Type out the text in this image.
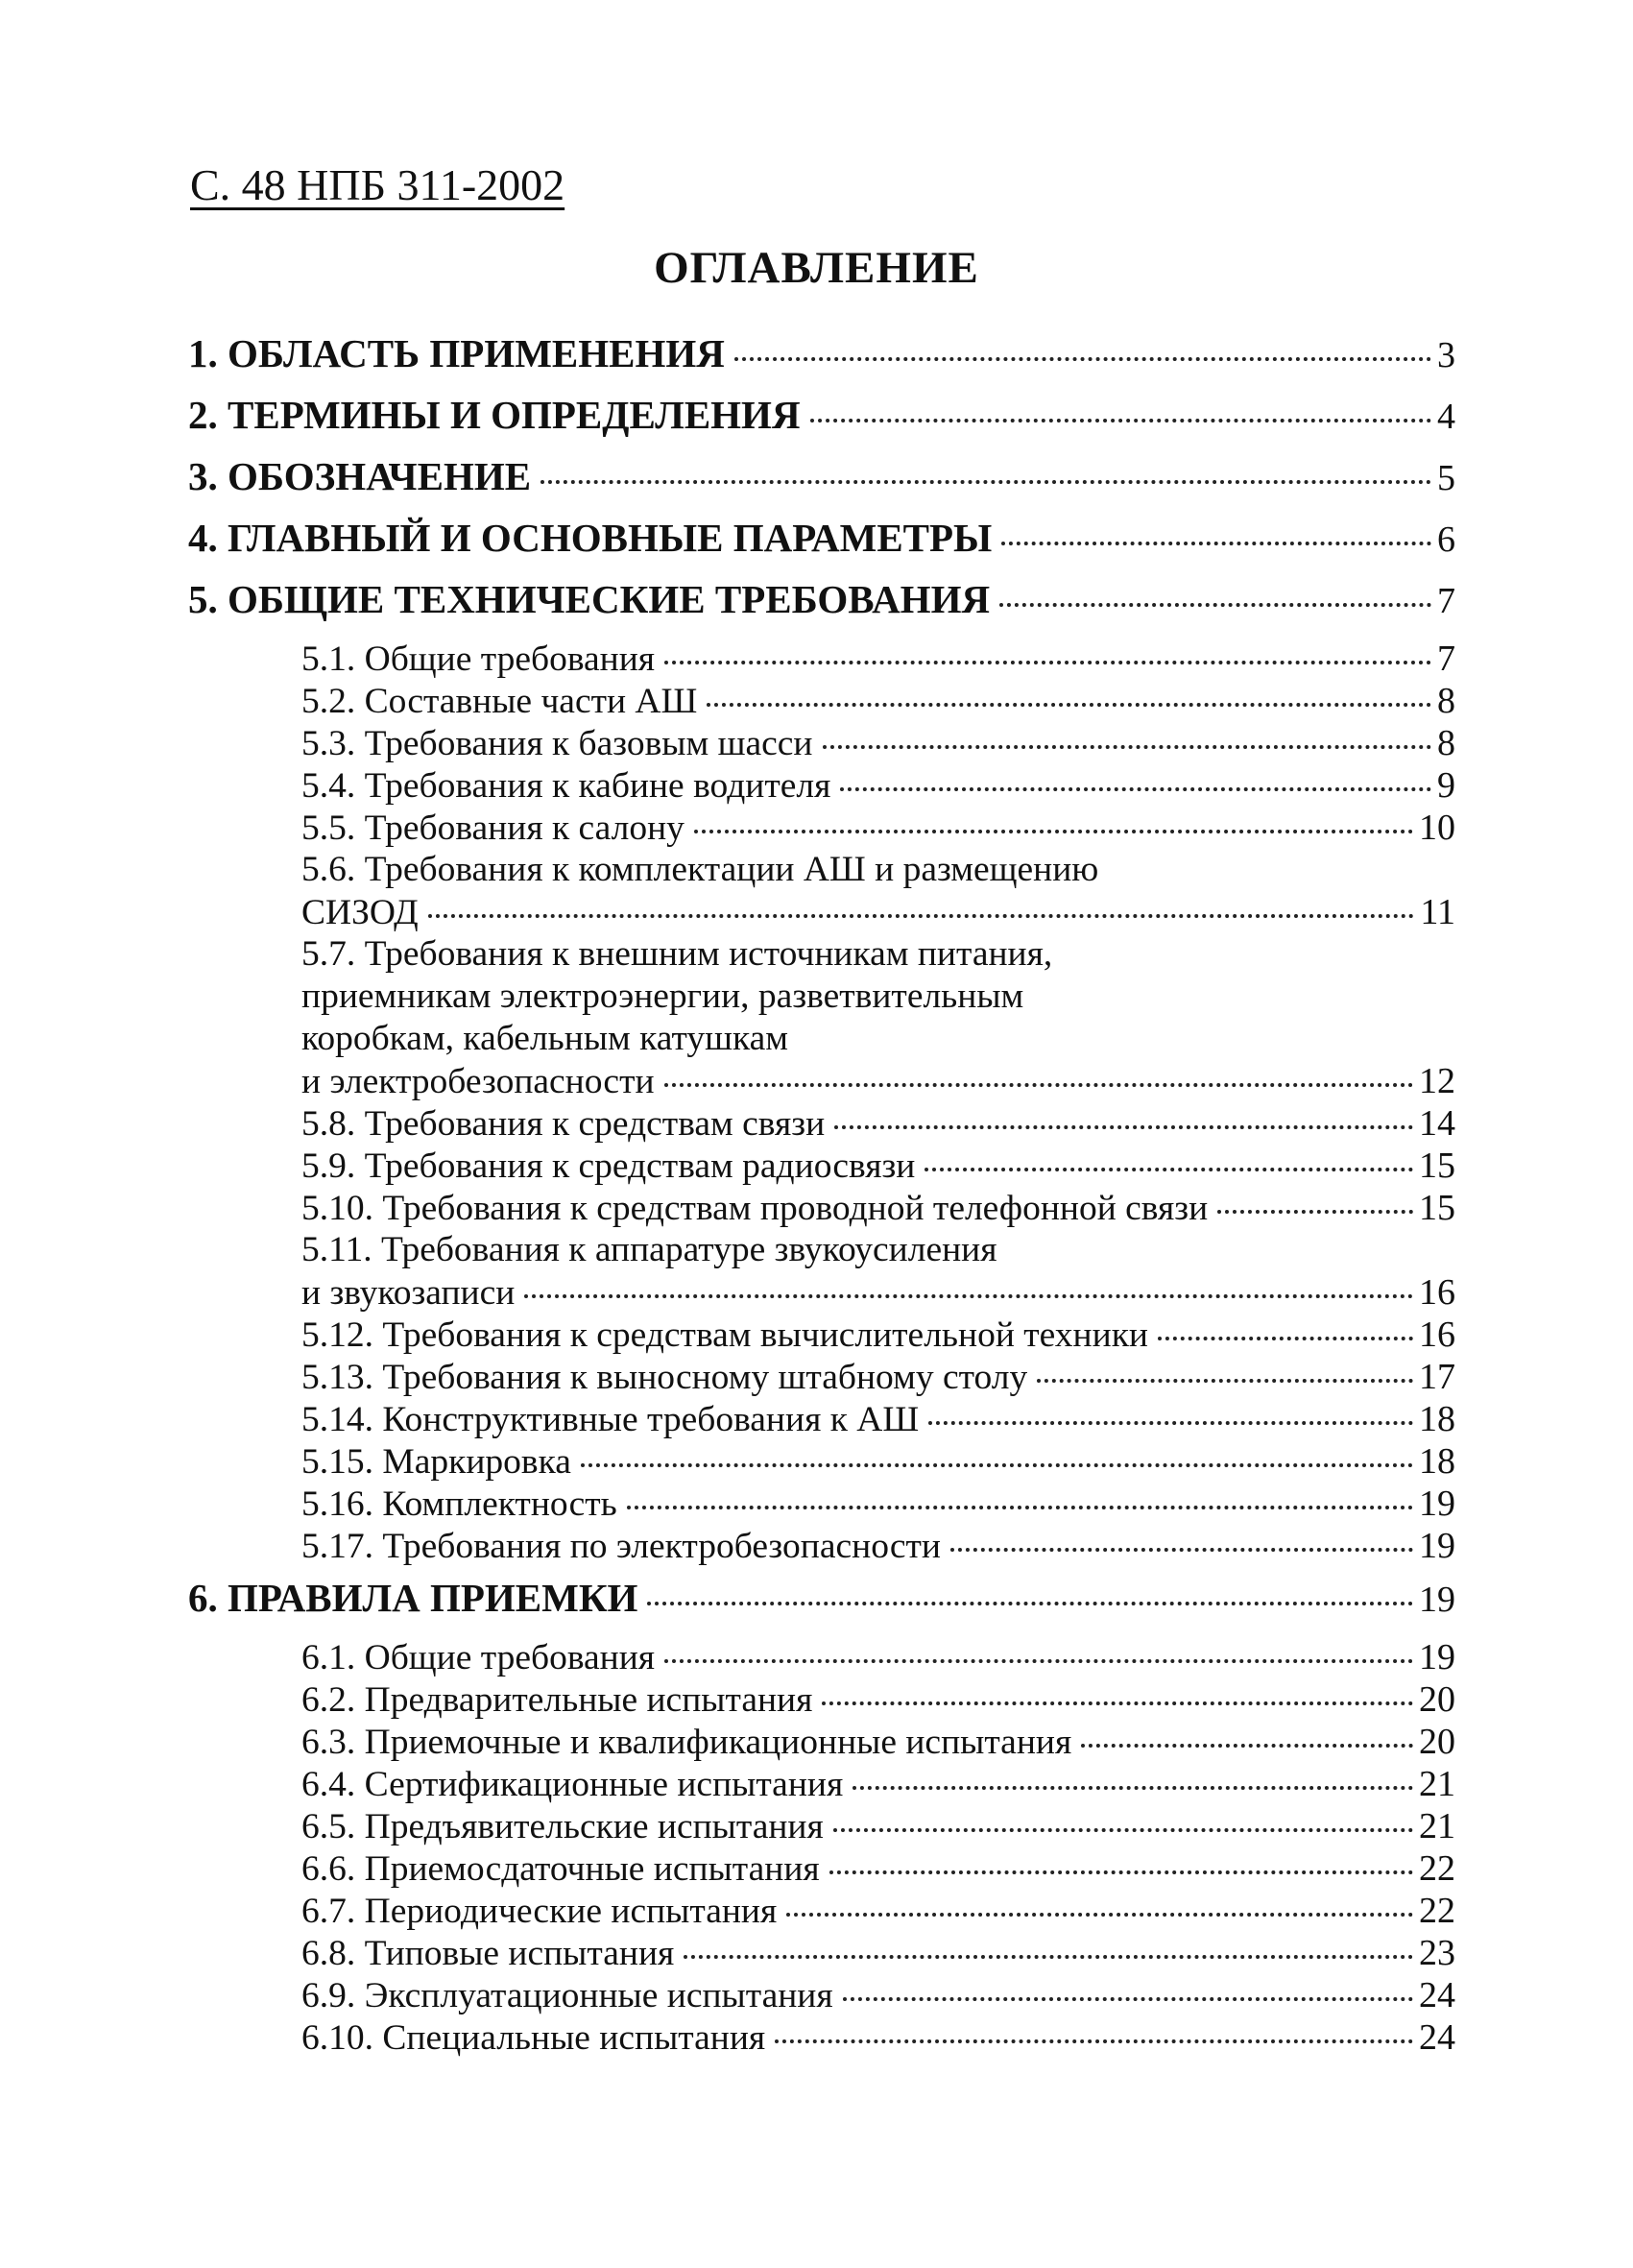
С. 48 НПБ 311-2002
ОГЛАВЛЕНИЕ
1. ОБЛАСТЬ ПРИМЕНЕНИЯ	3
2. ТЕРМИНЫ И ОПРЕДЕЛЕНИЯ	4
3. ОБОЗНАЧЕНИЕ	5
4. ГЛАВНЫЙ И ОСНОВНЫЕ ПАРАМЕТРЫ	6
5. ОБЩИЕ ТЕХНИЧЕСКИЕ ТРЕБОВАНИЯ	7
5.1. Общие требования	7
5.2. Составные части АШ	8
5.3. Требования к базовым шасси	8
5.4. Требования к кабине водителя	9
5.5. Требования к салону	10
5.6. Требования к комплектации АШ и размещению
СИЗОД	11
5.7. Требования к внешним источникам питания,
приемникам электроэнергии, разветвительным
коробкам, кабельным катушкам
и электробезопасности	12
5.8. Требования к средствам связи	14
5.9. Требования к средствам радиосвязи	15
5.10. Требования к средствам проводной телефонной связи	15
5.11. Требования к аппаратуре звукоусиления
и звукозаписи	16
5.12. Требования к средствам вычислительной техники	16
5.13. Требования к выносному штабному столу	17
5.14. Конструктивные требования к АШ	18
5.15. Маркировка	18
5.16. Комплектность	19
5.17. Требования по электробезопасности	19
6. ПРАВИЛА ПРИЕМКИ	19
6.1. Общие требования	19
6.2. Предварительные испытания	20
6.3. Приемочные и квалификационные испытания	20
6.4. Сертификационные испытания	21
6.5. Предъявительские испытания	21
6.6. Приемосдаточные испытания	22
6.7. Периодические испытания	22
6.8. Типовые испытания	23
6.9. Эксплуатационные испытания	24
6.10. Специальные испытания	24
